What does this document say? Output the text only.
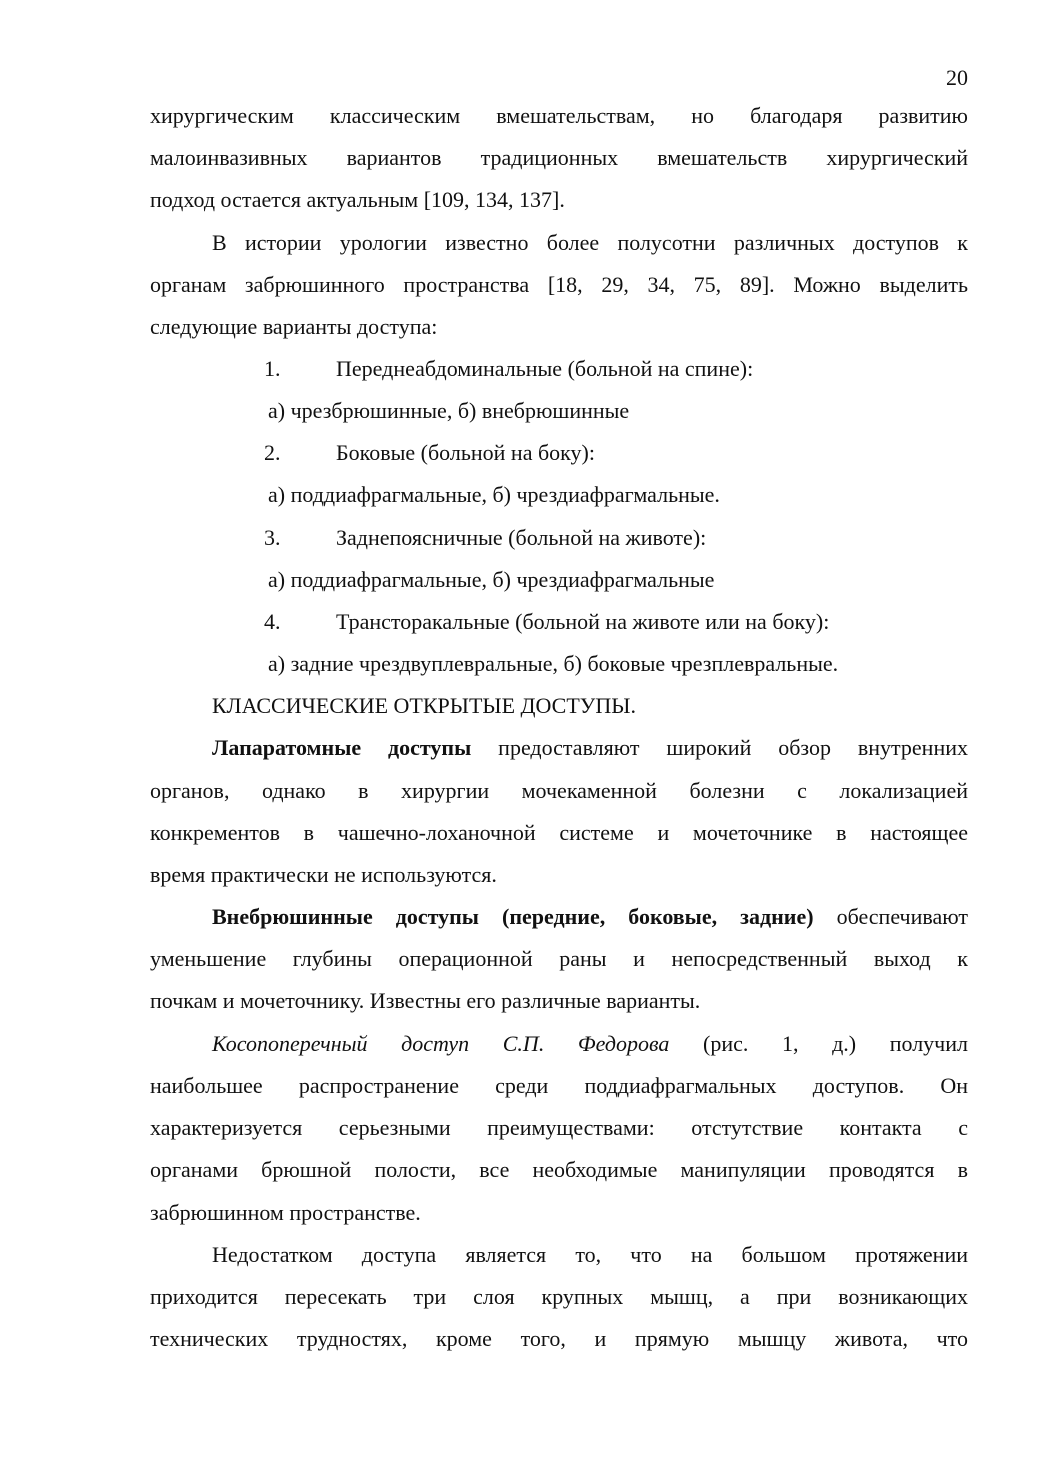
20
хирургическим классическим вмешательствам, но благодаря развитию
малоинвазивных вариантов традиционных вмешательств хирургический
подход остается актуальным [109, 134, 137].
В истории урологии известно более полусотни различных доступов к
органам забрюшинного пространства [18, 29, 34, 75, 89]. Можно выделить
следующие варианты доступа:
1.	Переднеабдоминальные (больной на спине):
а) чрезбрюшинные, б) внебрюшинные
2.	Боковые (больной на боку):
а) поддиафрагмальные, б) чрездиафрагмальные.
3.	Заднепоясничные (больной на животе):
а) поддиафрагмальные, б) чрездиафрагмальные
4.	Трансторакальные (больной на животе или на боку):
а) задние чрездвуплевральные, б) боковые чрезплевральные.
КЛАССИЧЕСКИЕ ОТКРЫТЫЕ ДОСТУПЫ.
Лапаратомные доступы предоставляют широкий обзор внутренних
органов, однако в хирургии мочекаменной болезни с локализацией
конкрементов в чашечно-лоханочной системе и мочеточнике в настоящее
время практически не используются.
Внебрюшинные доступы (передние, боковые, задние) обеспечивают
уменьшение глубины операционной раны и непосредственный выход к
почкам и мочеточнику. Известны его различные варианты.
Косопоперечный доступ С.П. Федорова (рис. 1, д.) получил
наибольшее распространение среди поддиафрагмальных доступов. Он
характеризуется серьезными преимуществами: отстутствие контакта с
органами брюшной полости, все необходимые манипуляции проводятся в
забрюшинном пространстве.
Недостатком доступа является то, что на большом протяжении
приходится пересекать три слоя крупных мышц, а при возникающих
технических трудностях, кроме того, и прямую мышцу живота, что
